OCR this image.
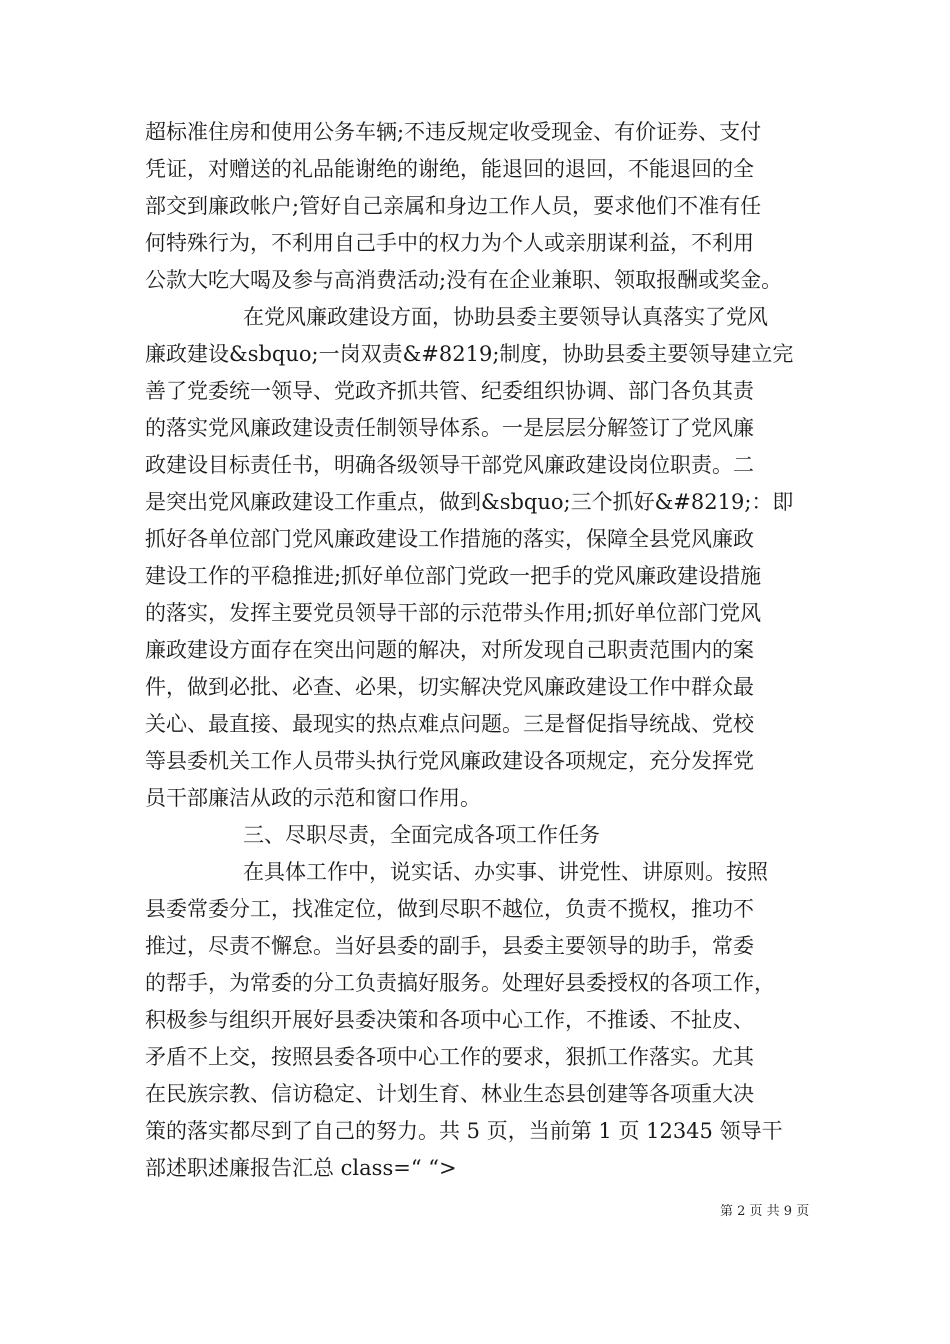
超标准住房和使用公务车辆;不违反规定收受现金、有价证券、支付
凭证，对赠送的礼品能谢绝的谢绝，能退回的退回，不能退回的全
部交到廉政帐户;管好自己亲属和身边工作人员，要求他们不准有任
何特殊行为，不利用自己手中的权力为个人或亲朋谋利益，不利用
公款大吃大喝及参与高消费活动;没有在企业兼职、领取报酬或奖金。
在党风廉政建设方面，协助县委主要领导认真落实了党风
廉政建设&sbquo;一岗双责&#8219;制度，协助县委主要领导建立完
善了党委统一领导、党政齐抓共管、纪委组织协调、部门各负其责
的落实党风廉政建设责任制领导体系。一是层层分解签订了党风廉
政建设目标责任书，明确各级领导干部党风廉政建设岗位职责。二
是突出党风廉政建设工作重点，做到&sbquo;三个抓好&#8219;：即
抓好各单位部门党风廉政建设工作措施的落实，保障全县党风廉政
建设工作的平稳推进;抓好单位部门党政一把手的党风廉政建设措施
的落实，发挥主要党员领导干部的示范带头作用;抓好单位部门党风
廉政建设方面存在突出问题的解决，对所发现自己职责范围内的案
件，做到必批、必查、必果，切实解决党风廉政建设工作中群众最
关心、最直接、最现实的热点难点问题。三是督促指导统战、党校
等县委机关工作人员带头执行党风廉政建设各项规定，充分发挥党
员干部廉洁从政的示范和窗口作用。
三、尽职尽责，全面完成各项工作任务
在具体工作中，说实话、办实事、讲党性、讲原则。按照
县委常委分工，找准定位，做到尽职不越位，负责不揽权，推功不
推过，尽责不懈怠。当好县委的副手，县委主要领导的助手，常委
的帮手，为常委的分工负责搞好服务。处理好县委授权的各项工作，
积极参与组织开展好县委决策和各项中心工作，不推诿、不扯皮、
矛盾不上交，按照县委各项中心工作的要求，狠抓工作落实。尤其
在民族宗教、信访稳定、计划生育、林业生态县创建等各项重大决
策的落实都尽到了自己的努力。共 5 页，当前第 1 页 12345 领导干
部述职述廉报告汇总 class=“ “>
第 2 页 共 9 页
